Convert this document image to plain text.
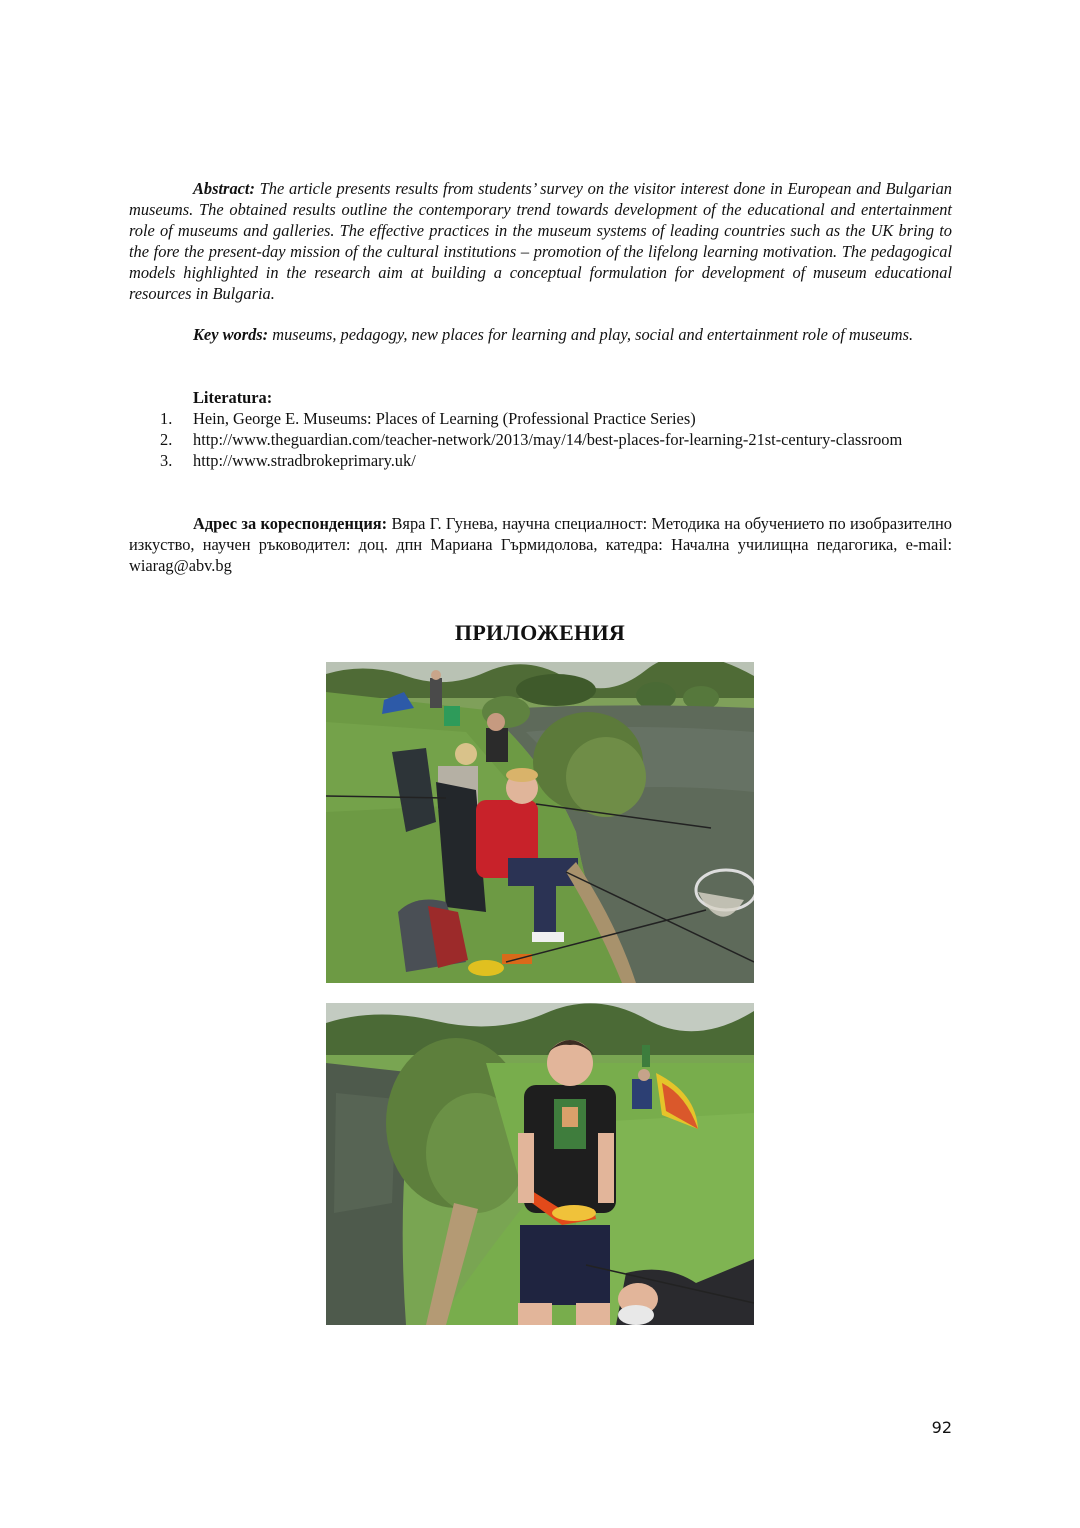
Abstract: The article presents results from students’ survey on the visitor interest done in European and Bulgarian museums. The obtained results outline the contemporary trend towards development of the educational and entertainment role of museums and galleries. The effective practices in the museum systems of leading countries such as the UK bring to the fore the present-day mission of the cultural institutions – promotion of the lifelong learning motivation. The pedagogical models highlighted in the research aim at building a conceptual formulation for development of museum educational resources in Bulgaria.
Key words: museums, pedagogy, new places for learning and play, social and entertainment role of museums.
Literatura:
1. Hein, George E. Museums: Places of Learning (Professional Practice Series)
2. http://www.theguardian.com/teacher-network/2013/may/14/best-places-for-learning-21st-century-classroom
3. http://www.stradbrokeprimary.uk/
Адрес за кореспонденция: Вяра Г. Гунева, научна специалност: Методика на обучението по изобразително изкуство, научен ръководител: доц. дпн Мариана Гърмидолова, катедра: Начална училищна педагогика, e-mail: wiarag@abv.bg
ПРИЛОЖЕНИЯ
92
